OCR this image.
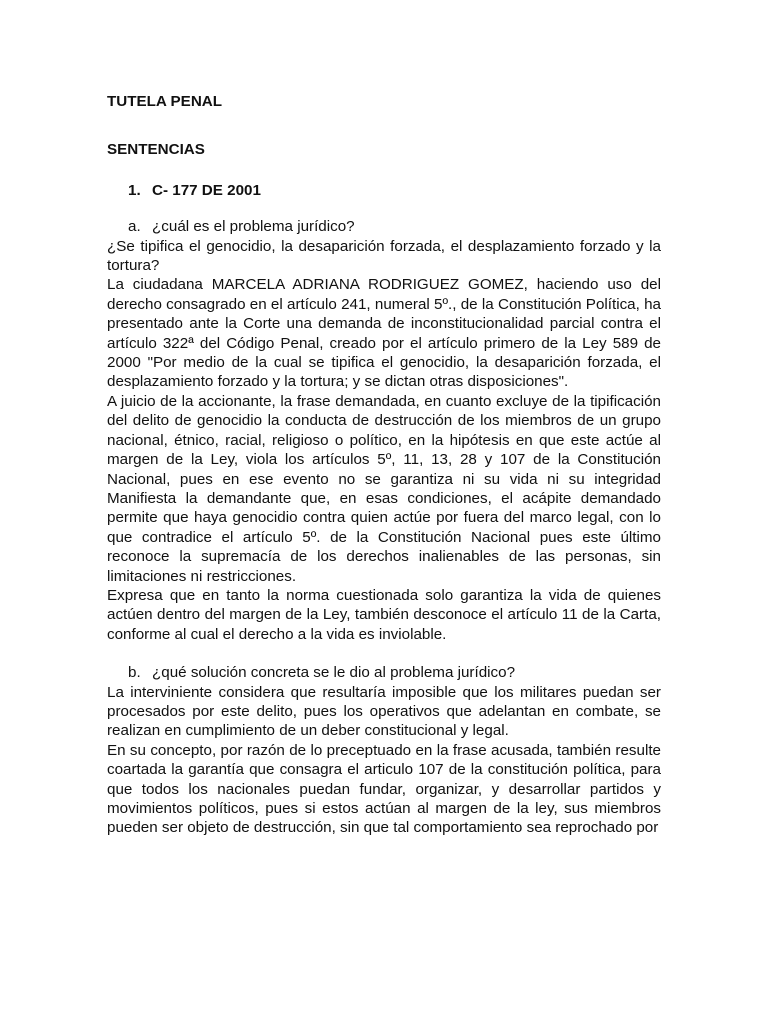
TUTELA PENAL

SENTENCIAS

1. C- 177 DE 2001
a. ¿cuál es el problema jurídico?

¿Se tipifica el genocidio, la desaparición forzada, el desplazamiento forzado y la tortura?

La ciudadana MARCELA ADRIANA RODRIGUEZ GOMEZ, haciendo uso del derecho consagrado en el artículo 241, numeral 5º., de la Constitución Política, ha presentado ante la Corte una demanda de inconstitucionalidad parcial contra el artículo 322ª del Código Penal, creado por el artículo primero de la Ley 589 de 2000 "Por medio de la cual se tipifica el genocidio, la desaparición forzada, el desplazamiento forzado y la tortura; y se dictan otras disposiciones".

A juicio de la accionante, la frase demandada, en cuanto excluye de la tipificación del delito de genocidio la conducta de destrucción de los miembros de un grupo nacional, étnico, racial, religioso o político, en la hipótesis en que este actúe al margen de la Ley, viola los artículos 5º, 11, 13, 28 y 107 de la Constitución Nacional, pues en ese evento no se garantiza ni su vida ni su integridad Manifiesta la demandante que, en esas condiciones, el acápite demandado permite que haya genocidio contra quien actúe por fuera del marco legal, con lo que contradice el artículo 5º. de la Constitución Nacional pues este último reconoce la supremacía de los derechos inalienables de las personas, sin limitaciones ni restricciones.

Expresa que en tanto la norma cuestionada solo garantiza la vida de quienes actúen dentro del margen de la Ley, también desconoce el artículo 11 de la Carta, conforme al cual el derecho a la vida es inviolable.

b. ¿qué solución concreta se le dio al problema jurídico?

La interviniente considera que resultaría imposible que los militares puedan ser procesados por este delito, pues los operativos que adelantan en combate, se realizan en cumplimiento de un deber constitucional y legal.

En su concepto, por razón de lo preceptuado en la frase acusada, también resulte coartada la garantía que consagra el articulo 107 de la constitución política, para que todos los nacionales puedan fundar, organizar, y desarrollar partidos y movimientos políticos, pues si estos actúan al margen de la ley, sus miembros pueden ser objeto de destrucción, sin que tal comportamiento sea reprochado por
